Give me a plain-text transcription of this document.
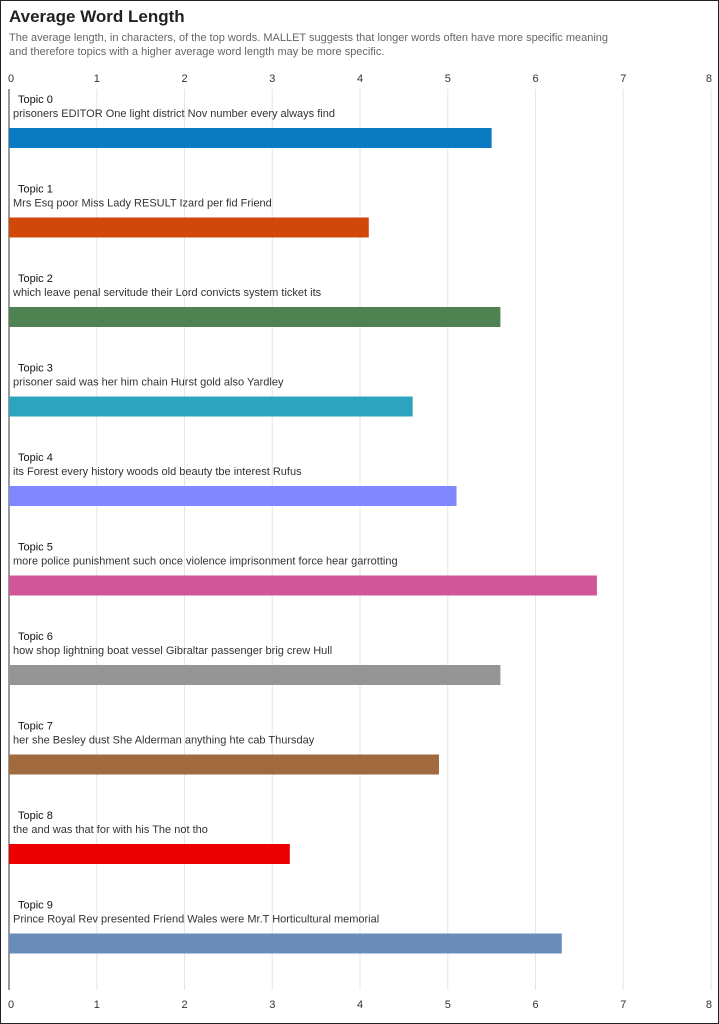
Average Word Length

The average length, in characters, of the top words. MALLET suggests that longer words often have more specific meaning and therefore topics with a higher average word length may be more specific.

0
0
1
1
2
2
3
3
4
4
5
5
6
6
7
7
8
8
Topic 0
prisoners EDITOR One light district Nov number every always find
Topic 1
Mrs Esq poor Miss Lady RESULT Izard per fid Friend
Topic 2
which leave penal servitude their Lord convicts system ticket its
Topic 3
prisoner said was her him chain Hurst gold also Yardley
Topic 4
its Forest every history woods old beauty tbe interest Rufus
Topic 5
more police punishment such once violence imprisonment force hear garrotting
Topic 6
how shop lightning boat vessel Gibraltar passenger brig crew Hull
Topic 7
her she Besley dust She Alderman anything hte cab Thursday
Topic 8
the and was that for with his The not tho
Topic 9
Prince Royal Rev presented Friend Wales were Mr.T Horticultural memorial
